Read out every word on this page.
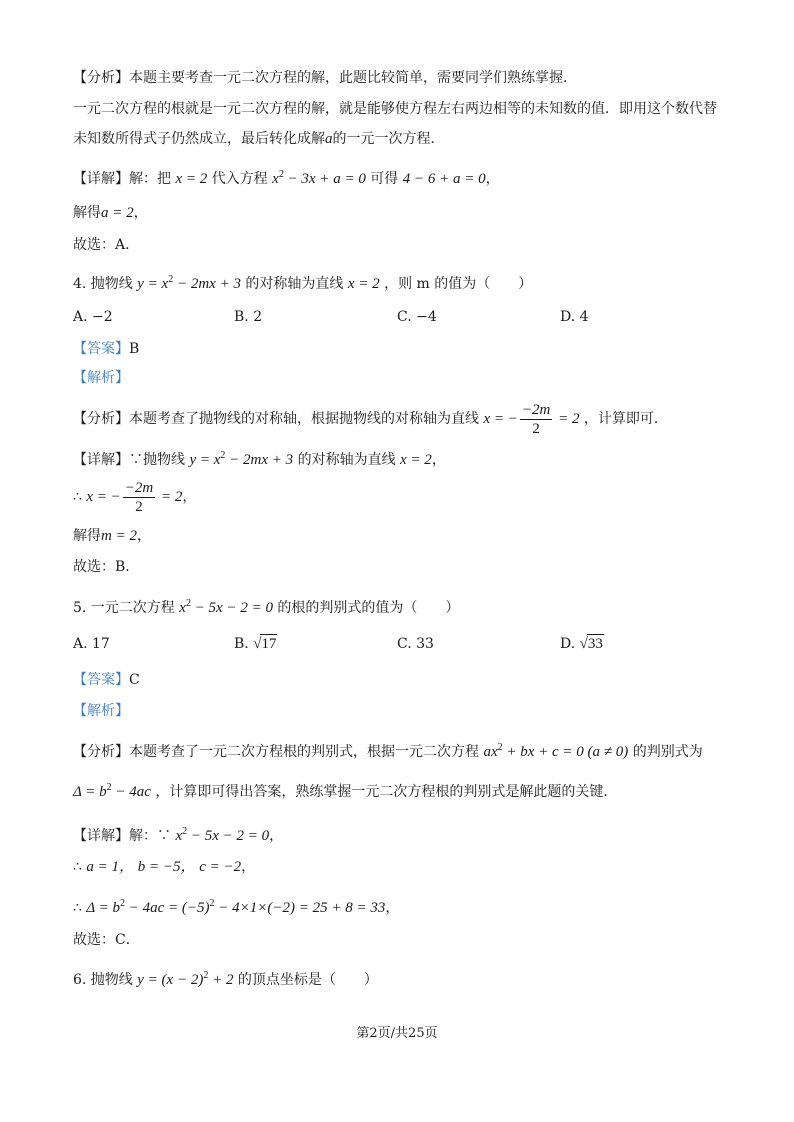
【分析】本题主要考查一元二次方程的解，此题比较简单，需要同学们熟练掌握．
一元二次方程的根就是一元二次方程的解，就是能够使方程左右两边相等的未知数的值．即用这个数代替
未知数所得式子仍然成立，最后转化成解a的一元一次方程．
【详解】解：把 x = 2 代入方程 $x^2 - 3x + a = 0$ 可得 4 − 6 + a = 0，
解得a = 2，
故选：A．
4. 抛物线 $y = x^2 - 2mx + 3$ 的对称轴为直线 x = 2 ，则 m 的值为（　　）
A. −2	B. 2	C. −4	D. 4
【答案】B
【解析】
【分析】本题考查了抛物线的对称轴，根据抛物线的对称轴为直线 x = − $\frac{-2m}{2} = 2$ ，计算即可．
【详解】∵抛物线 $y = x^2 - 2mx + 3$ 的对称轴为直线 x = 2，
∴ x = − $\frac{-2m}{2} = 2$，
解得m = 2，
故选：B．
5. 一元二次方程 $x^2 - 5x - 2 = 0$ 的根的判别式的值为（　　）
A. 17	B. √17	C. 33	D. √33
【答案】C
【解析】
【分析】本题考查了一元二次方程根的判别式，根据一元二次方程 $ax^2$ + bx + c = 0 (a ≠ 0) 的判别式为
$\Delta = b^2 - 4ac$ ，计算即可得出答案，熟练掌握一元二次方程根的判别式是解此题的关键．
【详解】解：∵ $x^2 - 5x - 2 = 0$，
∴ a = 1， b = −5， c = −2，
∴ $\Delta = b^2 - 4ac = (-5)^2 - 4\times 1\times(-2) = 25 + 8 = 33$，
故选：C．
6. 抛物线 $y = (x - 2)^2 + 2$ 的顶点坐标是（　　）
第2页/共25页
